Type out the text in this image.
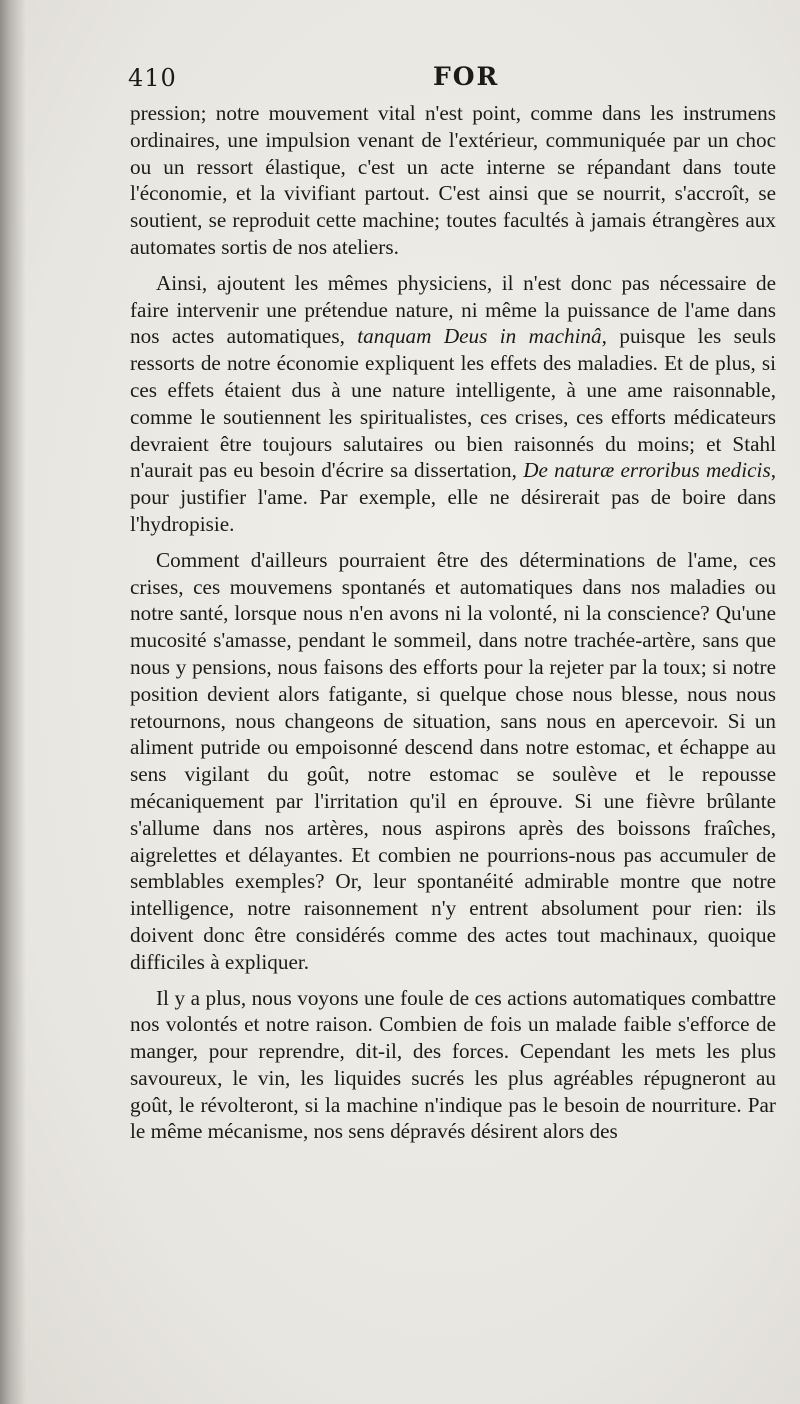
410	FOR

pression; notre mouvement vital n'est point, comme dans les instrumens ordinaires, une impulsion venant de l'extérieur, communiquée par un choc ou un ressort élastique, c'est un acte interne se répandant dans toute l'économie, et la vivifiant partout. C'est ainsi que se nourrit, s'accroît, se soutient, se reproduit cette machine; toutes facultés à jamais étrangères aux automates sortis de nos ateliers.

Ainsi, ajoutent les mêmes physiciens, il n'est donc pas nécessaire de faire intervenir une prétendue nature, ni même la puissance de l'ame dans nos actes automatiques, tanquam Deus in machinâ, puisque les seuls ressorts de notre économie expliquent les effets des maladies. Et de plus, si ces effets étaient dus à une nature intelligente, à une ame raisonnable, comme le soutiennent les spiritualistes, ces crises, ces efforts médicateurs devraient être toujours salutaires ou bien raisonnés du moins; et Stahl n'aurait pas eu besoin d'écrire sa dissertation, De naturæ erroribus medicis, pour justifier l'ame. Par exemple, elle ne désirerait pas de boire dans l'hydropisie.

Comment d'ailleurs pourraient être des déterminations de l'ame, ces crises, ces mouvemens spontanés et automatiques dans nos maladies ou notre santé, lorsque nous n'en avons ni la volonté, ni la conscience? Qu'une mucosité s'amasse, pendant le sommeil, dans notre trachée-artère, sans que nous y pensions, nous faisons des efforts pour la rejeter par la toux; si notre position devient alors fatigante, si quelque chose nous blesse, nous nous retournons, nous changeons de situation, sans nous en apercevoir. Si un aliment putride ou empoisonné descend dans notre estomac, et échappe au sens vigilant du goût, notre estomac se soulève et le repousse mécaniquement par l'irritation qu'il en éprouve. Si une fièvre brûlante s'allume dans nos artères, nous aspirons après des boissons fraîches, aigrelettes et délayantes. Et combien ne pourrions-nous pas accumuler de semblables exemples? Or, leur spontanéité admirable montre que notre intelligence, notre raisonnement n'y entrent absolument pour rien: ils doivent donc être considérés comme des actes tout machinaux, quoique difficiles à expliquer.

Il y a plus, nous voyons une foule de ces actions automatiques combattre nos volontés et notre raison. Combien de fois un malade faible s'efforce de manger, pour reprendre, dit-il, des forces. Cependant les mets les plus savoureux, le vin, les liquides sucrés les plus agréables répugneront au goût, le révolteront, si la machine n'indique pas le besoin de nourriture. Par le même mécanisme, nos sens dépravés désirent alors des
